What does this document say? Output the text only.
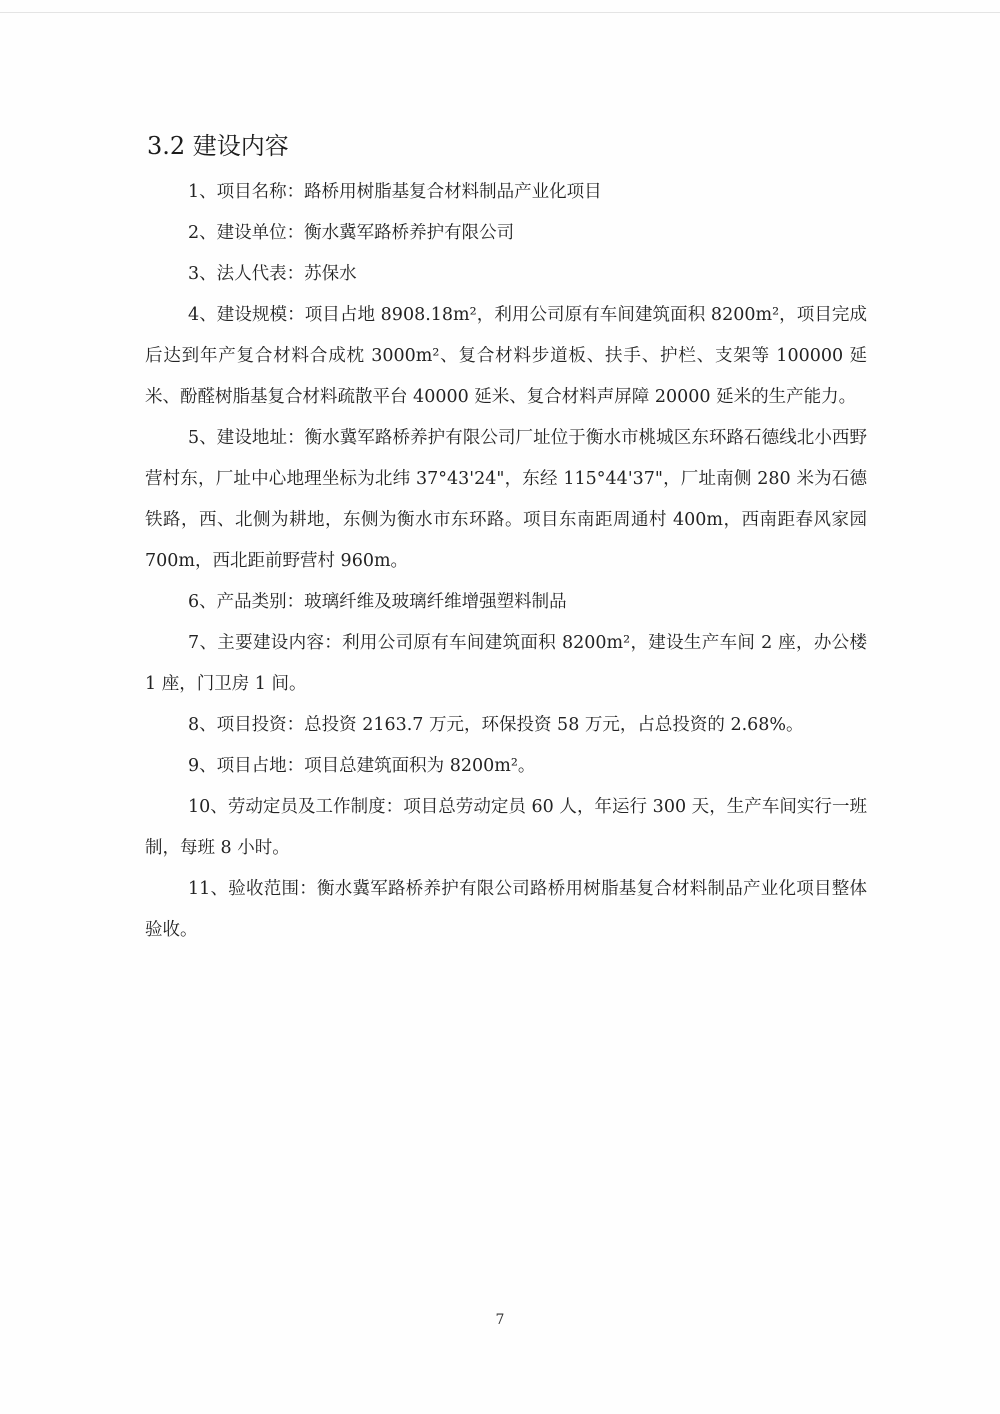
3.2 建设内容

1、项目名称：路桥用树脂基复合材料制品产业化项目

2、建设单位：衡水冀军路桥养护有限公司

3、法人代表：苏保水

4、建设规模：项目占地 8908.18m²，利用公司原有车间建筑面积 8200m²，项目完成后达到年产复合材料合成枕 3000m²、复合材料步道板、扶手、护栏、支架等 100000 延米、酚醛树脂基复合材料疏散平台 40000 延米、复合材料声屏障 20000 延米的生产能力。

5、建设地址：衡水冀军路桥养护有限公司厂址位于衡水市桃城区东环路石德线北小西野营村东，厂址中心地理坐标为北纬 37°43'24"，东经 115°44'37"，厂址南侧 280 米为石德铁路，西、北侧为耕地，东侧为衡水市东环路。项目东南距周通村 400m，西南距春风家园 700m，西北距前野营村 960m。

6、产品类别：玻璃纤维及玻璃纤维增强塑料制品

7、主要建设内容：利用公司原有车间建筑面积 8200m²，建设生产车间 2 座，办公楼 1 座，门卫房 1 间。

8、项目投资：总投资 2163.7 万元，环保投资 58 万元，占总投资的 2.68%。

9、项目占地：项目总建筑面积为 8200m²。

10、劳动定员及工作制度：项目总劳动定员 60 人，年运行 300 天，生产车间实行一班制，每班 8 小时。

11、验收范围：衡水冀军路桥养护有限公司路桥用树脂基复合材料制品产业化项目整体验收。

7
